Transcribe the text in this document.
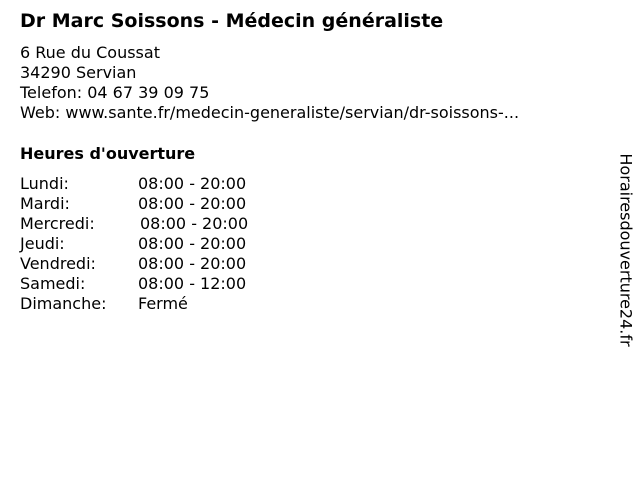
Dr Marc Soissons - Médecin généraliste
6 Rue du Coussat
34290 Servian
Telefon: 04 67 39 09 75
Web: www.sante.fr/medecin-generaliste/servian/dr-soissons-...
Heures d'ouverture
Lundi:	08:00 - 20:00
Mardi:	08:00 - 20:00
Mercredi:	08:00 - 20:00
Jeudi:	08:00 - 20:00
Vendredi:	08:00 - 20:00
Samedi:	08:00 - 12:00
Dimanche: Fermé	Horairesdouverture24.fr
